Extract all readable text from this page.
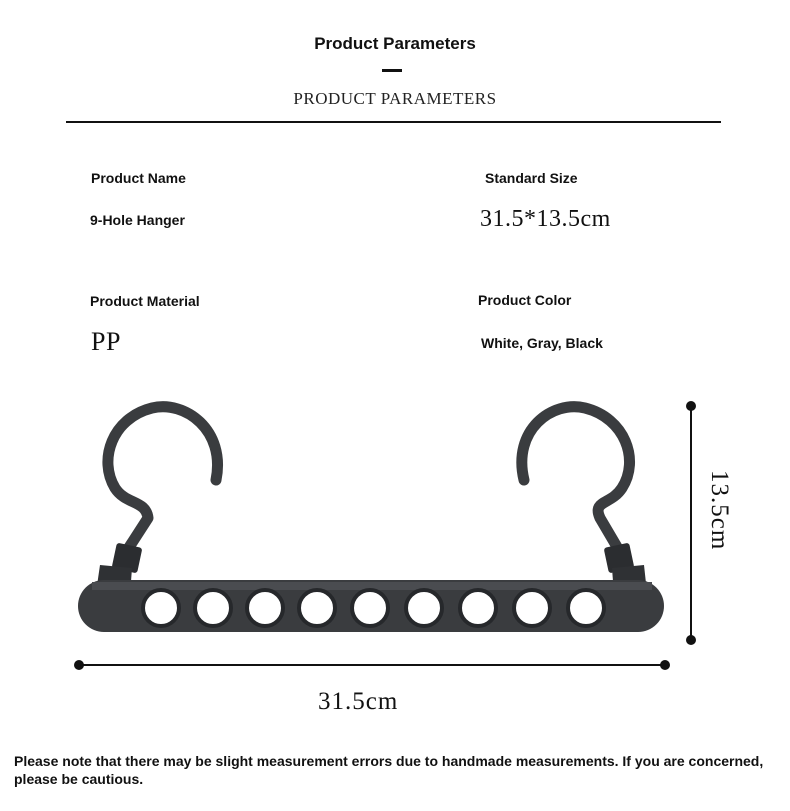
Product Parameters
PRODUCT PARAMETERS
Product Name
9-Hole Hanger
Standard Size
31.5*13.5cm
Product Material
PP
Product Color
White, Gray, Black
31.5cm
13.5cm
Please note that there may be slight measurement errors due to handmade measurements. If you are concerned, please be cautious.
